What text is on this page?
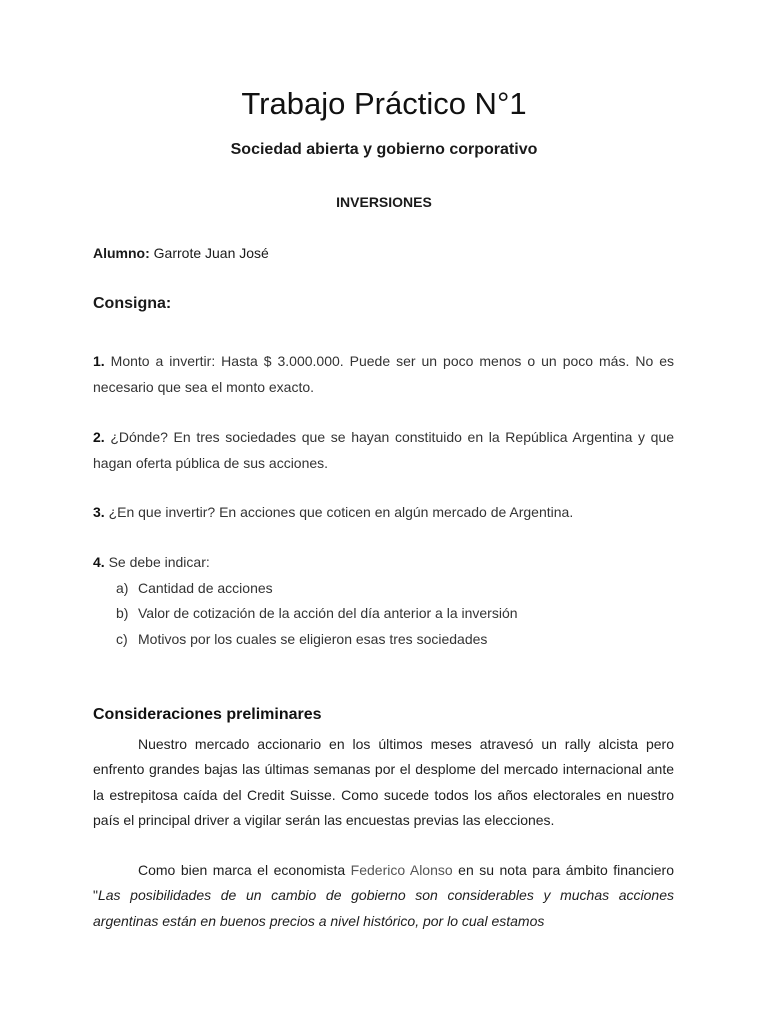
Trabajo Práctico N°1
Sociedad abierta y gobierno corporativo
INVERSIONES

Alumno: Garrote Juan José

Consigna:

1. Monto a invertir: Hasta $ 3.000.000. Puede ser un poco menos o un poco más. No es necesario que sea el monto exacto.

2. ¿Dónde? En tres sociedades que se hayan constituido en la República Argentina y que hagan oferta pública de sus acciones.

3. ¿En que invertir? En acciones que coticen en algún mercado de Argentina.

4. Se debe indicar:

a) Cantidad de acciones
b) Valor de cotización de la acción del día anterior a la inversión
c) Motivos por los cuales se eligieron esas tres sociedades
Consideraciones preliminares

Nuestro mercado accionario en los últimos meses atravesó un rally alcista pero enfrento grandes bajas las últimas semanas por el desplome del mercado internacional ante la estrepitosa caída del Credit Suisse. Como sucede todos los años electorales en nuestro país el principal driver a vigilar serán las encuestas previas las elecciones.

Como bien marca el economista Federico Alonso en su nota para ámbito financiero "Las posibilidades de un cambio de gobierno son considerables y muchas acciones argentinas están en buenos precios a nivel histórico, por lo cual estamos
